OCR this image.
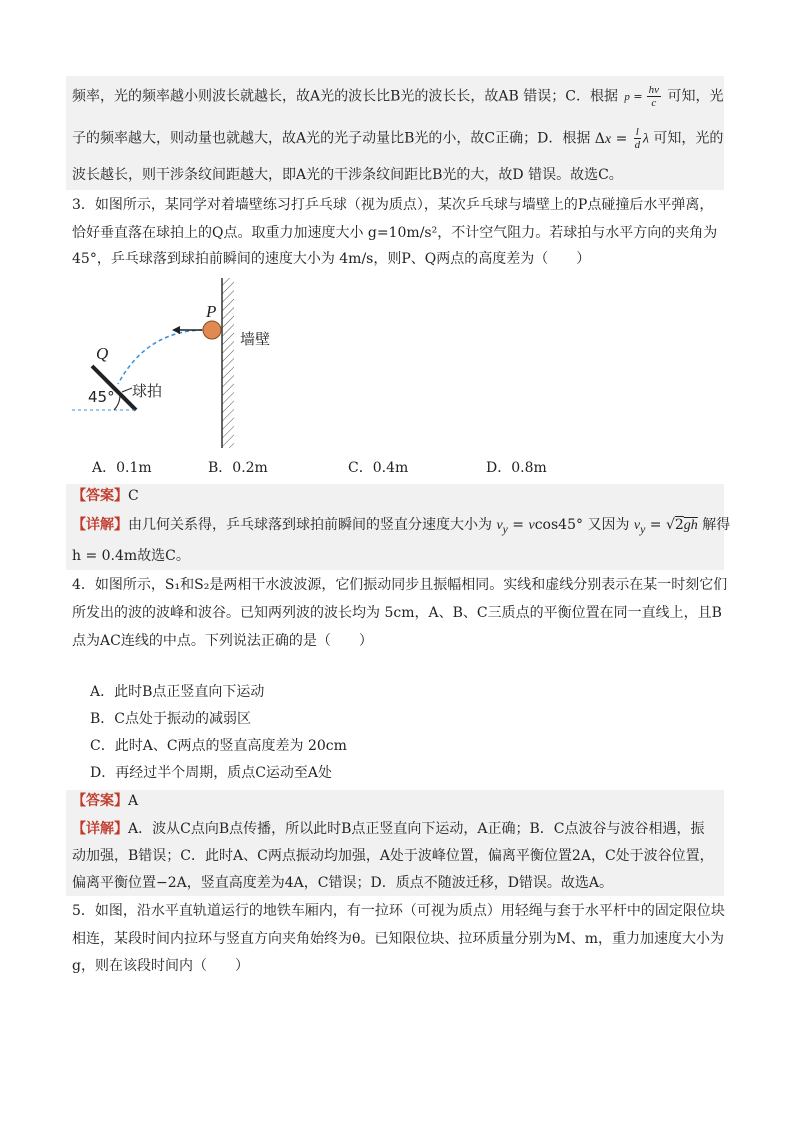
频率，光的频率越小则波长就越长，故A光的波长比B光的波长长，故AB 错误；C．根据 $p = \frac{h\nu}{c}$ 可知，光
子的频率越大，则动量也就越大，故A光的光子动量比B光的小，故C正确；D．根据 $\Delta x = \frac{l}{d}$ λ 可知，光的
波长越长，则干涉条纹间距越大，即A光的干涉条纹间距比B光的大，故D 错误。故选C。
3．如图所示，某同学对着墙壁练习打乒乓球（视为质点），某次乒乓球与墙壁上的P点碰撞后水平弹离，
恰好垂直落在球拍上的Q点。取重力加速度大小 g=10m/s²，不计空气阻力。若球拍与水平方向的夹角为
45°，乒乓球落到球拍前瞬间的速度大小为 4m/s，则P、Q两点的高度差为（　　）
P
Q
墙壁
球拍
45°
A．0.1m	B．0.2m	C．0.4m	D．0.8m
【答案】C
【详解】由几何关系得，乒乓球落到球拍前瞬间的竖直分速度大小为 $v_y = vcos45^\circ$ 又因为 $v_y = √2gh$ 解得
h = 0.4m故选C。
4．如图所示，S₁和S₂是两相干水波波源，它们振动同步且振幅相同。实线和虚线分别表示在某一时刻它们
所发出的波的波峰和波谷。已知两列波的波长均为 5cm，A、B、C三质点的平衡位置在同一直线上，且B
点为AC连线的中点。下列说法正确的是（　　）
A．此时B点正竖直向下运动
B．C点处于振动的减弱区
C．此时A、C两点的竖直高度差为 20cm
D．再经过半个周期，质点C运动至A处
【答案】A
【详解】A．波从C点向B点传播，所以此时B点正竖直向下运动，A正确；B．C点波谷与波谷相遇，振
动加强，B错误；C．此时A、C两点振动均加强，A处于波峰位置，偏离平衡位置2A，C处于波谷位置，
偏离平衡位置−2A，竖直高度差为4A，C错误；D．质点不随波迁移，D错误。故选A。
5．如图，沿水平直轨道运行的地铁车厢内，有一拉环（可视为质点）用轻绳与套于水平杆中的固定限位块
相连，某段时间内拉环与竖直方向夹角始终为θ。已知限位块、拉环质量分别为M、m，重力加速度大小为
g，则在该段时间内（　　）
